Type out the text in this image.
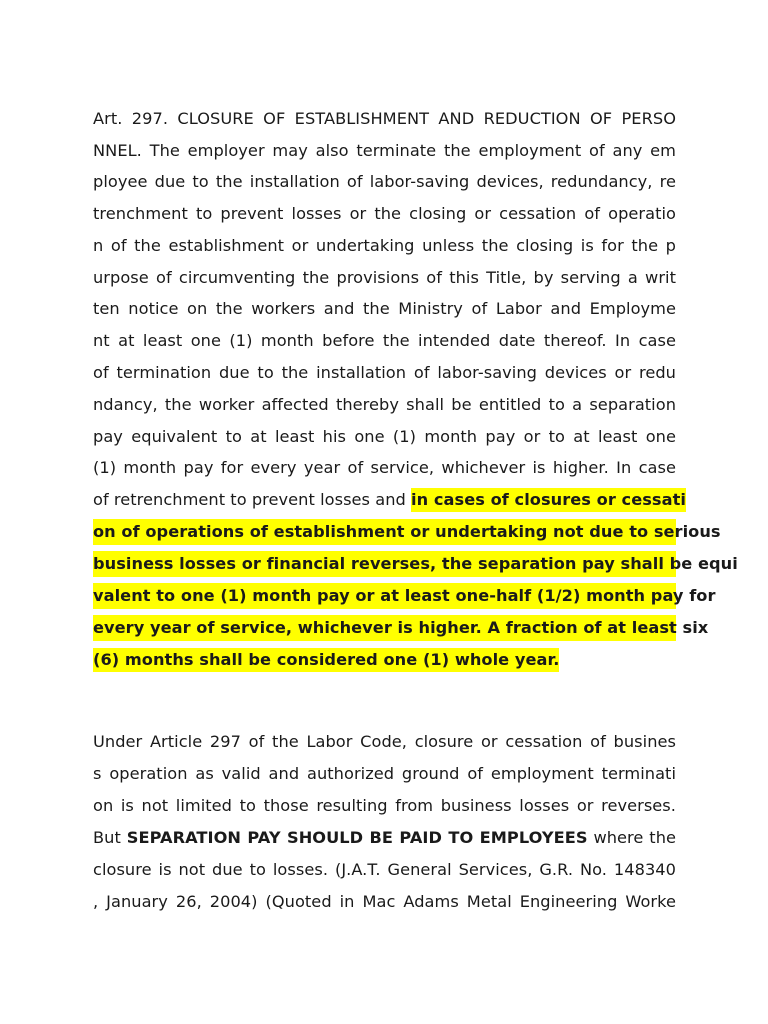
Art. 297. CLOSURE OF ESTABLISHMENT AND REDUCTION OF PERSO
NNEL. The employer may also terminate the employment of any em
ployee due to the installation of labor-saving devices, redundancy, re
trenchment to prevent losses or the closing or cessation of operatio
n of the establishment or undertaking unless the closing is for the p
urpose of circumventing the provisions of this Title, by serving a writ
ten notice on the workers and the Ministry of Labor and Employme
nt at least one (1) month before the intended date thereof. In case
of termination due to the installation of labor-saving devices or redu
ndancy, the worker affected thereby shall be entitled to a separation
pay equivalent to at least his one (1) month pay or to at least one
(1) month pay for every year of service, whichever is higher. In case
of retrenchment to prevent losses and in cases of closures or cessati
on of operations of establishment or undertaking not due to serious
business losses or financial reverses, the separation pay shall be equi
valent to one (1) month pay or at least one-half (1/2) month pay for
every year of service, whichever is higher. A fraction of at least six
(6) months shall be considered one (1) whole year.
Under Article 297 of the Labor Code, closure or cessation of busines
s operation as valid and authorized ground of employment terminati
on is not limited to those resulting from business losses or reverses.
But SEPARATION PAY SHOULD BE PAID TO EMPLOYEES where the
closure is not due to losses. (J.A.T. General Services, G.R. No. 148340
, January 26, 2004) (Quoted in Mac Adams Metal Engineering Worke
